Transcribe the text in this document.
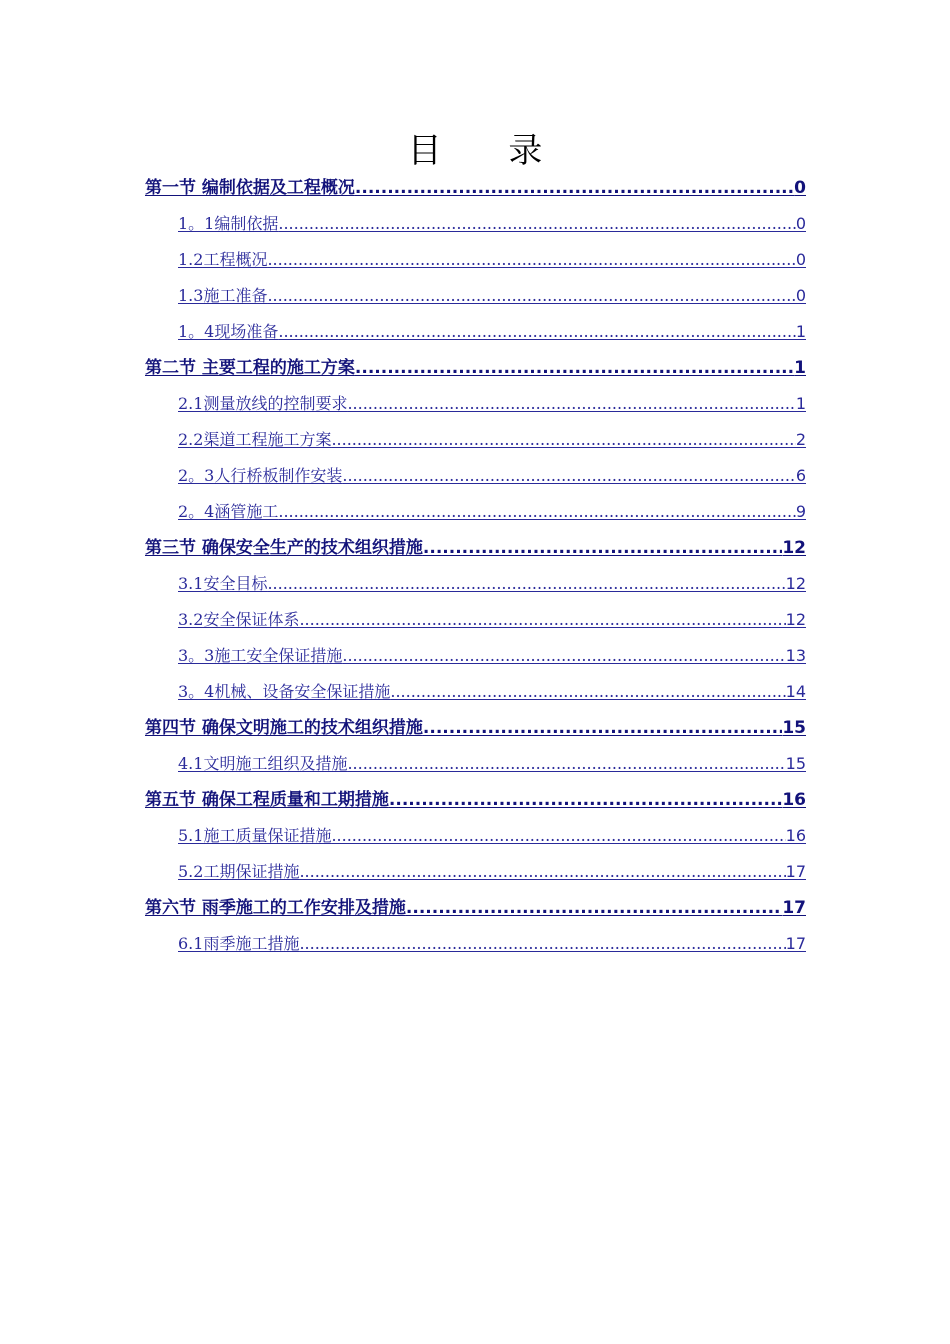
目 录
第一节 编制依据及工程概况 .....	0
1。1编制依据 .....	0
1.2工程概况 .....	0
1.3施工准备 .....	0
1。4现场准备 .....	1
第二节 主要工程的施工方案 .....	1
2.1测量放线的控制要求 .....	1
2.2渠道工程施工方案 .....	2
2。3人行桥板制作安装 .....	6
2。4涵管施工 .....	9
第三节 确保安全生产的技术组织措施 .....	12
3.1安全目标 .....	12
3.2安全保证体系 .....	12
3。3施工安全保证措施 .....	13
3。4机械、设备安全保证措施 .....	14
第四节 确保文明施工的技术组织措施 .....	15
4.1文明施工组织及措施 .....	15
第五节 确保工程质量和工期措施 .....	16
5.1施工质量保证措施 .....	16
5.2工期保证措施 .....	17
第六节 雨季施工的工作安排及措施 .....	17
6.1雨季施工措施 .....	17
